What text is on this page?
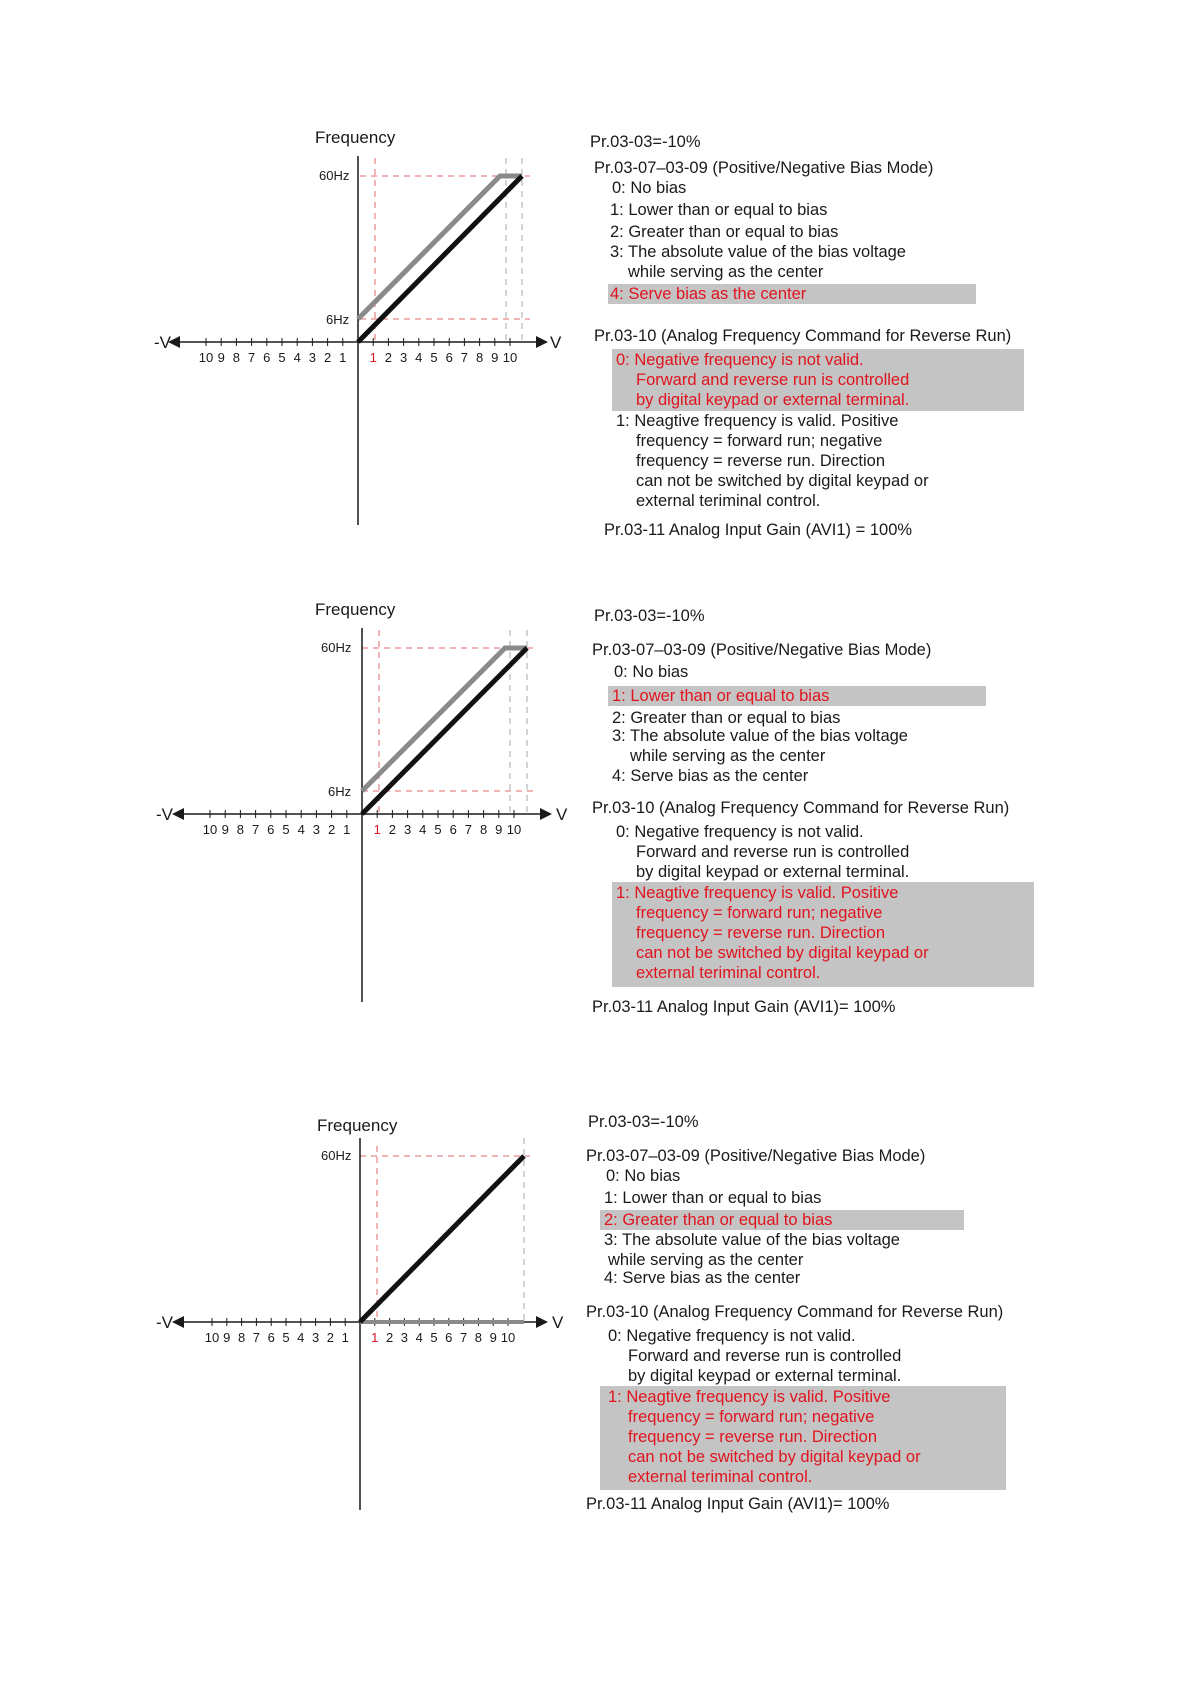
Frequency
60Hz
6Hz
-V	V
1 2 3 4 5 6 7 8 9 10
10 9 8 7 6 5 4 3 2 1
Pr.03-03=-10%
Pr.03-07–03-09 (Positive/Negative Bias Mode)
0: No bias
1: Lower than or equal to bias
2: Greater than or equal to bias
3: The absolute value of the bias voltage
while serving as the center
4: Serve bias as the center
Pr.03-10 (Analog Frequency Command for Reverse Run)
0: Negative frequency is not valid.
Forward and reverse run is controlled
by digital keypad or external terminal.
1: Neagtive frequency is valid. Positive
frequency = forward run; negative
frequency = reverse run. Direction
can not be switched by digital keypad or
external teriminal control.
Pr.03-11 Analog Input Gain (AVI1) = 100%
Frequency
60Hz
6Hz
-V	V
1 2 3 4 5 6 7 8 9 10
10 9 8 7 6 5 4 3 2 1
Pr.03-03=-10%
Pr.03-07–03-09 (Positive/Negative Bias Mode)
0: No bias
1: Lower than or equal to bias
2: Greater than or equal to bias
3: The absolute value of the bias voltage
while serving as the center
4: Serve bias as the center
Pr.03-10 (Analog Frequency Command for Reverse Run)
0: Negative frequency is not valid.
Forward and reverse run is controlled
by digital keypad or external terminal.
1: Neagtive frequency is valid. Positive
frequency = forward run; negative
frequency = reverse run. Direction
can not be switched by digital keypad or
external teriminal control.
Pr.03-11 Analog Input Gain (AVI1)= 100%
Frequency
60Hz
-V	V
1 2 3 4 5 6 7 8 9 10
10 9 8 7 6 5 4 3 2 1
Pr.03-03=-10%
Pr.03-07–03-09 (Positive/Negative Bias Mode)
0: No bias
1: Lower than or equal to bias
2: Greater than or equal to bias
3: The absolute value of the bias voltage
while serving as the center
4: Serve bias as the center
Pr.03-10 (Analog Frequency Command for Reverse Run)
0: Negative frequency is not valid.
Forward and reverse run is controlled
by digital keypad or external terminal.
1: Neagtive frequency is valid. Positive
frequency = forward run; negative
frequency = reverse run. Direction
can not be switched by digital keypad or
external teriminal control.
Pr.03-11 Analog Input Gain (AVI1)= 100%
